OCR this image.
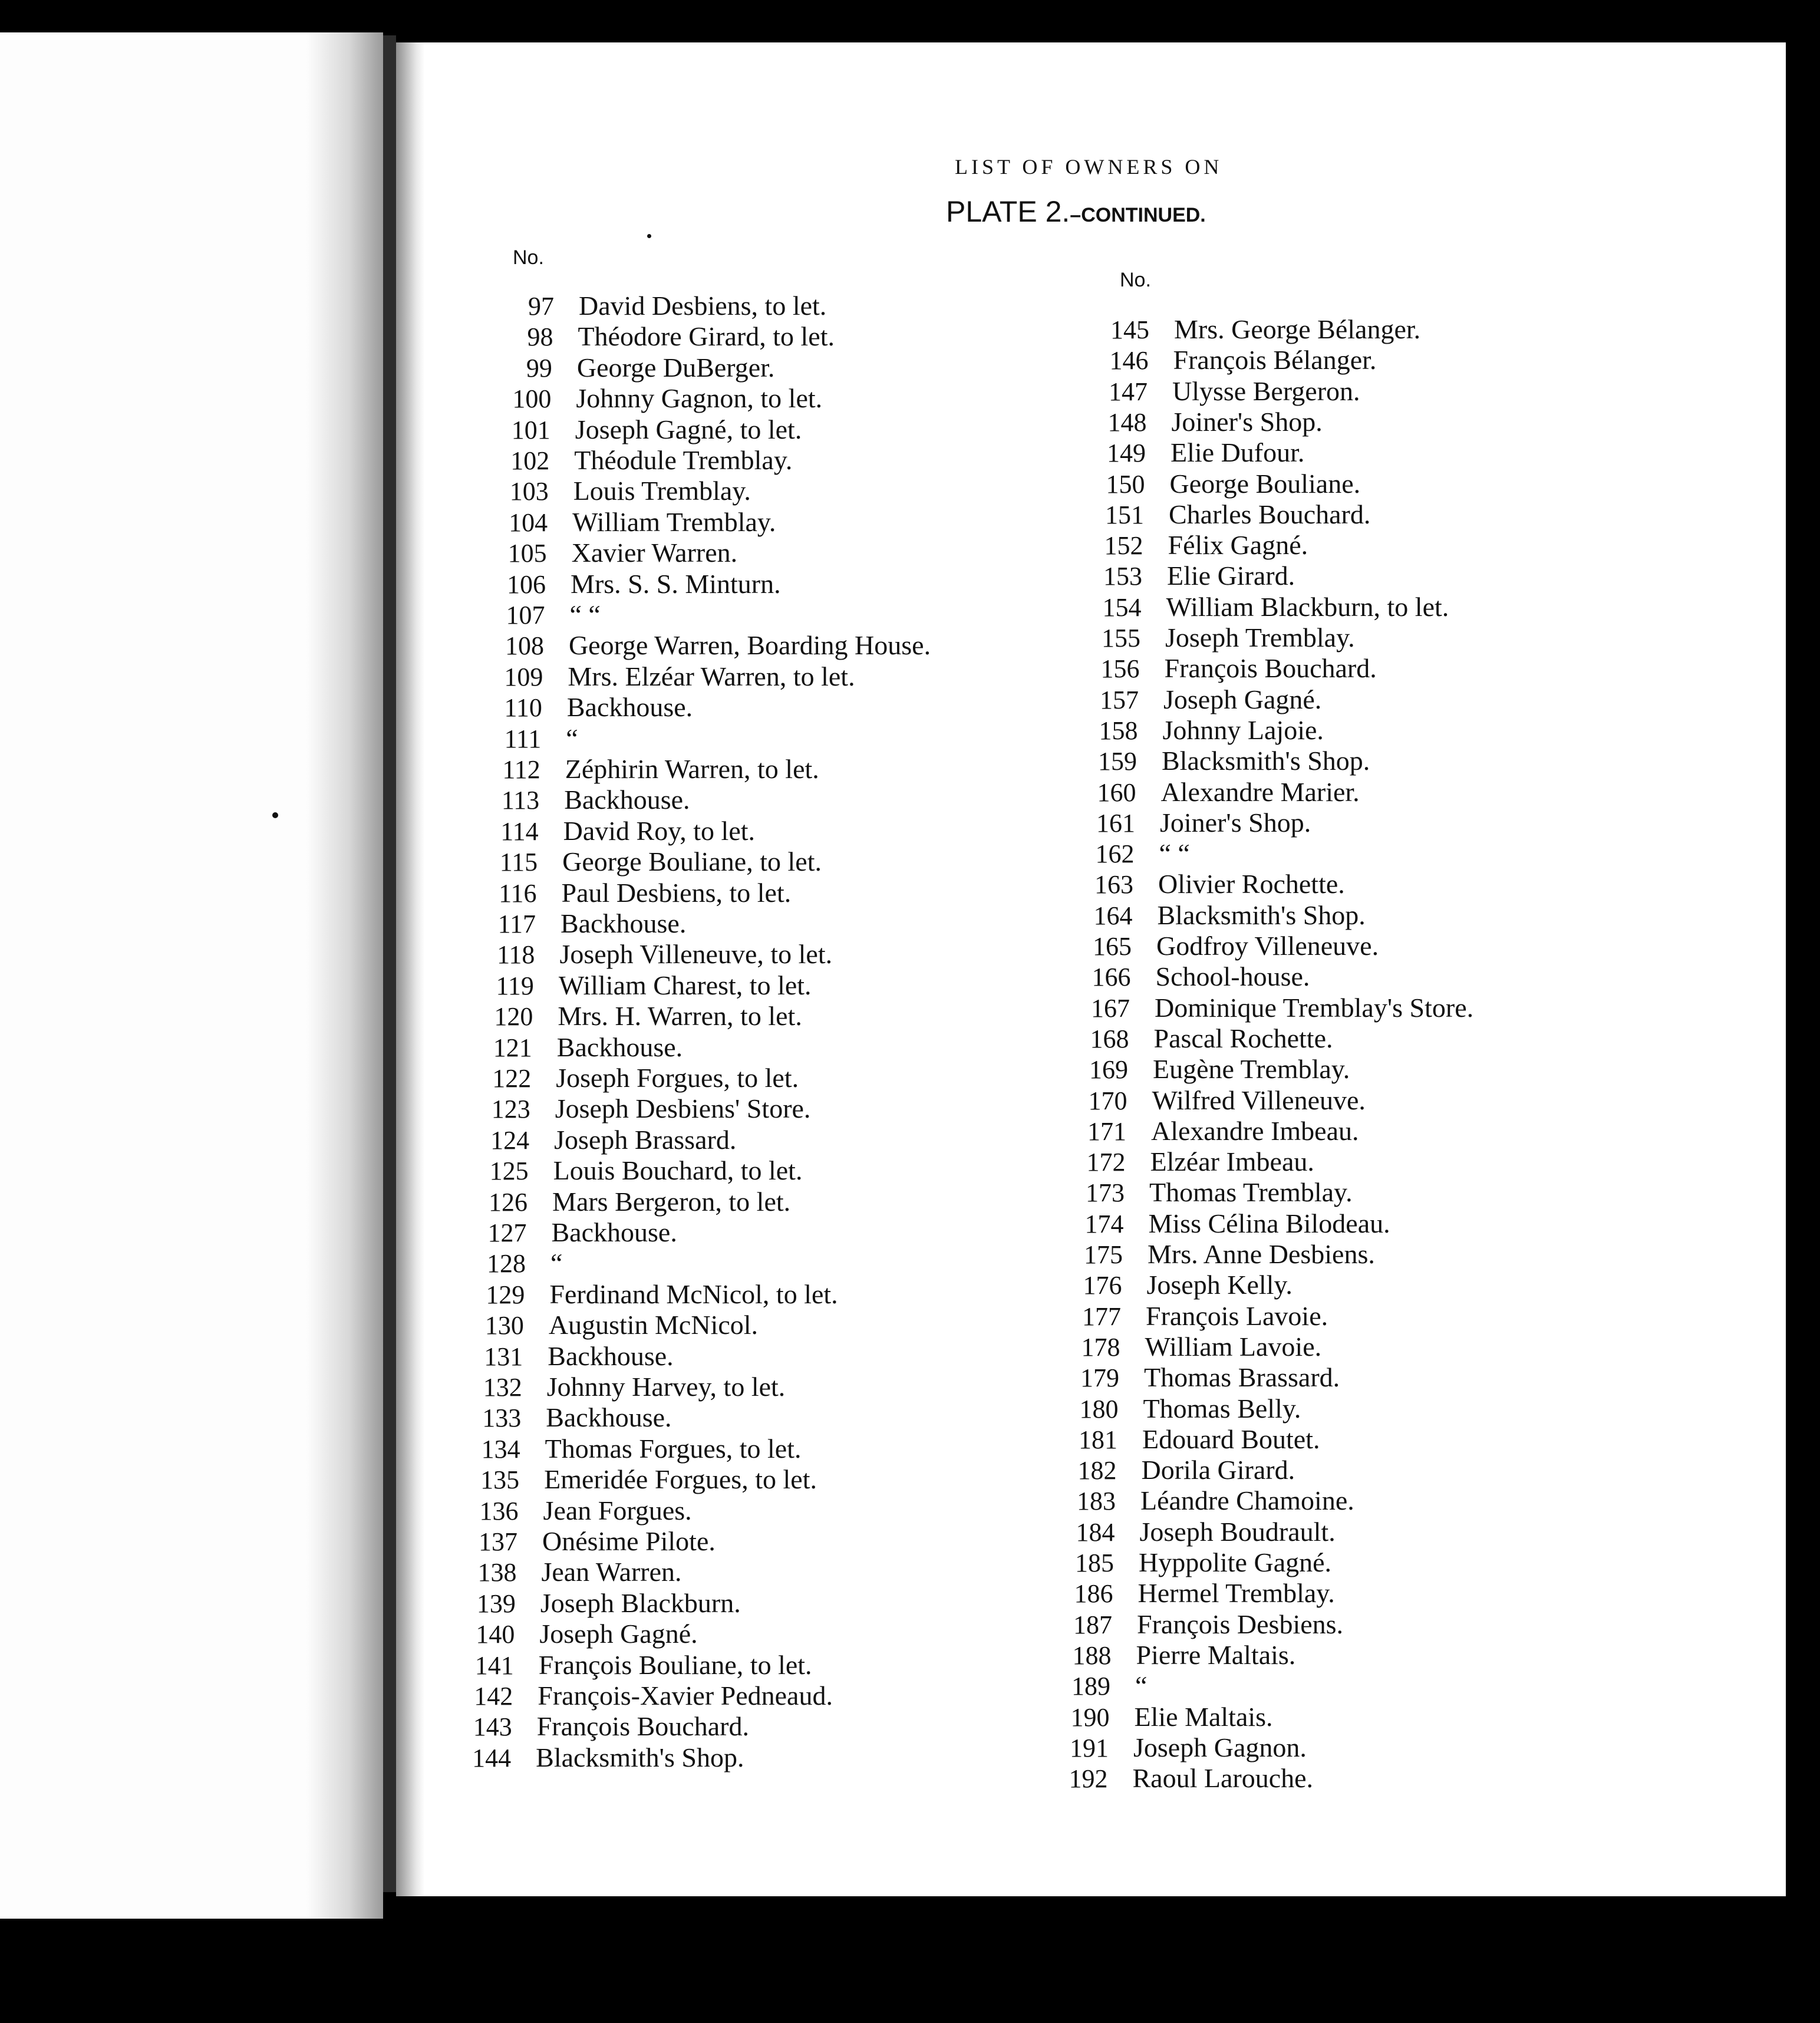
LIST OF OWNERS ON
PLATE 2.–CONTINUED.
No.
No.
97 David Desbiens, to let.
98 Théodore Girard, to let.
99 George DuBerger.
100 Johnny Gagnon, to let.
101 Joseph Gagné, to let.
102 Théodule Tremblay.
103 Louis Tremblay.
104 William Tremblay.
105 Xavier Warren.
106 Mrs. S. S. Minturn.
107 “ “
108 George Warren, Boarding House.
109 Mrs. Elzéar Warren, to let.
110 Backhouse.
111 “
112 Zéphirin Warren, to let.
113 Backhouse.
114 David Roy, to let.
115 George Bouliane, to let.
116 Paul Desbiens, to let.
117 Backhouse.
118 Joseph Villeneuve, to let.
119 William Charest, to let.
120 Mrs. H. Warren, to let.
121 Backhouse.
122 Joseph Forgues, to let.
123 Joseph Desbiens' Store.
124 Joseph Brassard.
125 Louis Bouchard, to let.
126 Mars Bergeron, to let.
127 Backhouse.
128 “
129 Ferdinand McNicol, to let.
130 Augustin McNicol.
131 Backhouse.
132 Johnny Harvey, to let.
133 Backhouse.
134 Thomas Forgues, to let.
135 Emeridée Forgues, to let.
136 Jean Forgues.
137 Onésime Pilote.
138 Jean Warren.
139 Joseph Blackburn.
140 Joseph Gagné.
141 François Bouliane, to let.
142 François-Xavier Pedneaud.
143 François Bouchard.
144 Blacksmith's Shop.
145 Mrs. George Bélanger.
146 François Bélanger.
147 Ulysse Bergeron.
148 Joiner's Shop.
149 Elie Dufour.
150 George Bouliane.
151 Charles Bouchard.
152 Félix Gagné.
153 Elie Girard.
154 William Blackburn, to let.
155 Joseph Tremblay.
156 François Bouchard.
157 Joseph Gagné.
158 Johnny Lajoie.
159 Blacksmith's Shop.
160 Alexandre Marier.
161 Joiner's Shop.
162 “ “
163 Olivier Rochette.
164 Blacksmith's Shop.
165 Godfroy Villeneuve.
166 School-house.
167 Dominique Tremblay's Store.
168 Pascal Rochette.
169 Eugène Tremblay.
170 Wilfred Villeneuve.
171 Alexandre Imbeau.
172 Elzéar Imbeau.
173 Thomas Tremblay.
174 Miss Célina Bilodeau.
175 Mrs. Anne Desbiens.
176 Joseph Kelly.
177 François Lavoie.
178 William Lavoie.
179 Thomas Brassard.
180 Thomas Belly.
181 Edouard Boutet.
182 Dorila Girard.
183 Léandre Chamoine.
184 Joseph Boudrault.
185 Hyppolite Gagné.
186 Hermel Tremblay.
187 François Desbiens.
188 Pierre Maltais.
189 “
190 Elie Maltais.
191 Joseph Gagnon.
192 Raoul Larouche.
